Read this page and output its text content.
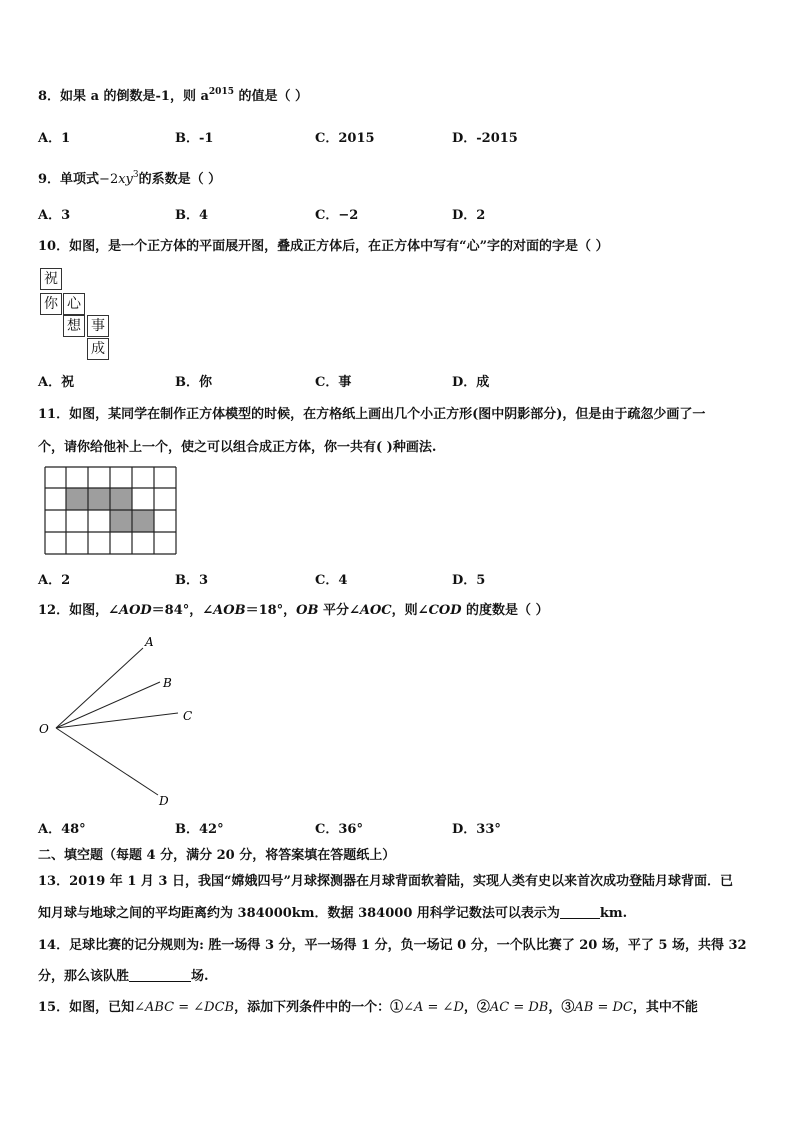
8．如果 a 的倒数是-1，则 $a^{2015}$ 的值是（ ）
A．1	B．-1	C．2015	D．-2015
9．单项式$-2xy^3$的系数是（ ）
A．3	B．4	C．−2	D．2
10．如图，是一个正方体的平面展开图，叠成正方体后，在正方体中写有“心”字的对面的字是（ ）
祝
你 心
想 事
成
A．祝	B．你	C．事	D．成
11．如图，某同学在制作正方体模型的时候，在方格纸上画出几个小正方形(图中阴影部分)，但是由于疏忽少画了一
个，请你给他补上一个，使之可以组合成正方体，你一共有( )种画法.
A．2	B．3	C．4	D．5
12．如图，∠AOD＝84°，∠AOB＝18°，OB 平分∠AOC，则∠COD 的度数是（ ）
A
B
C
D
O
A．48°	B．42°	C．36°	D．33°
二、填空题（每题 4 分，满分 20 分，将答案填在答题纸上）
13．2019 年 1 月 3 日，我国“嫦娥四号”月球探测器在月球背面软着陆，实现人类有史以来首次成功登陆月球背面．已
知月球与地球之间的平均距离约为 384000km．数据 384000 用科学记数法可以表示为	km.
14．足球比赛的记分规则为: 胜一场得 3 分，平一场得 1 分，负一场记 0 分，一个队比赛了 20 场，平了 5 场，共得 32
分，那么该队胜	场.
15．如图，已知∠ABC = ∠DCB，添加下列条件中的一个：①∠A = ∠D，②AC = DB，③AB = DC，其中不能
